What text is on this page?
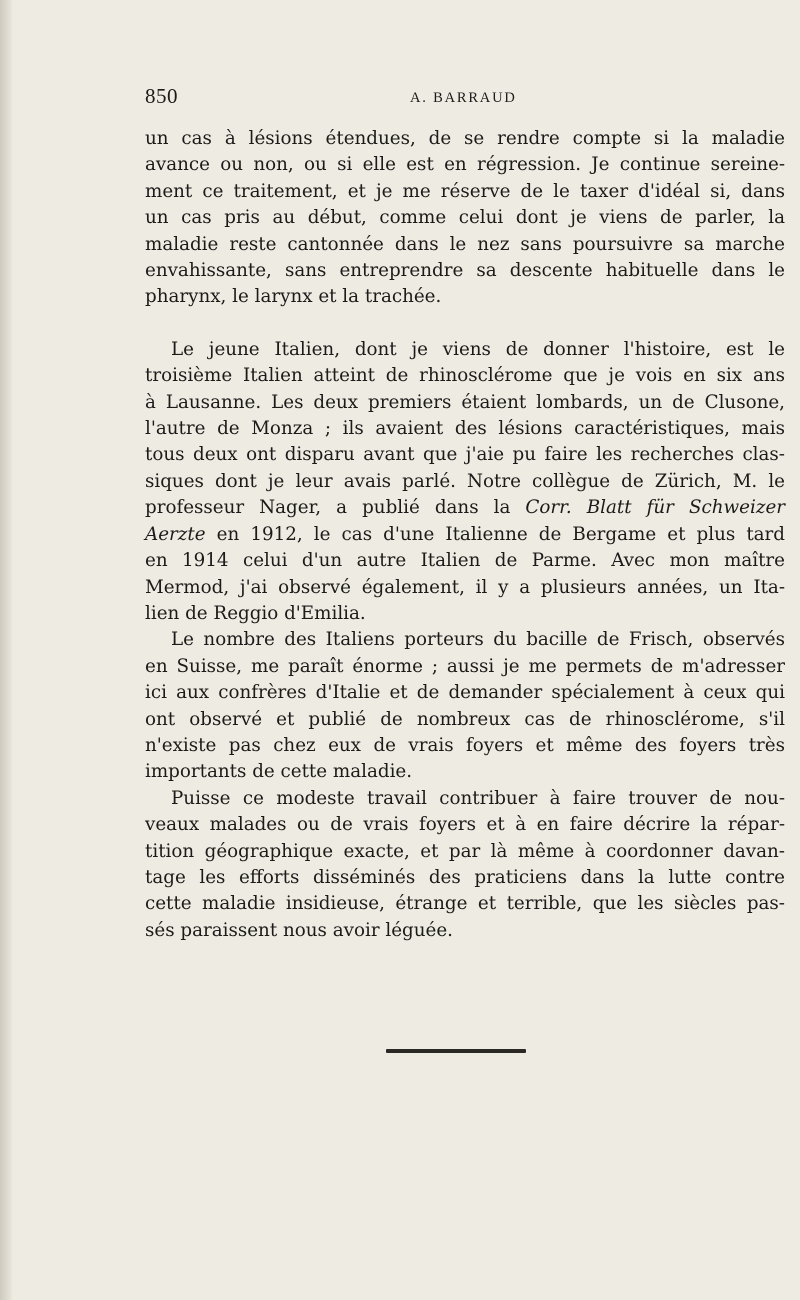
850	A. BARRAUD
un cas à lésions étendues, de se rendre compte si la maladie
avance ou non, ou si elle est en régression. Je continue sereine-
ment ce traitement, et je me réserve de le taxer d'idéal si, dans
un cas pris au début, comme celui dont je viens de parler, la
maladie reste cantonnée dans le nez sans poursuivre sa marche
envahissante, sans entreprendre sa descente habituelle dans le
pharynx, le larynx et la trachée.
Le jeune Italien, dont je viens de donner l'histoire, est le
troisième Italien atteint de rhinosclérome que je vois en six ans
à Lausanne. Les deux premiers étaient lombards, un de Clusone,
l'autre de Monza ; ils avaient des lésions caractéristiques, mais
tous deux ont disparu avant que j'aie pu faire les recherches clas-
siques dont je leur avais parlé. Notre collègue de Zürich, M. le
professeur Nager, a publié dans la Corr. Blatt für Schweizer
Aerzte en 1912, le cas d'une Italienne de Bergame et plus tard
en 1914 celui d'un autre Italien de Parme. Avec mon maître
Mermod, j'ai observé également, il y a plusieurs années, un Ita-
lien de Reggio d'Emilia.
Le nombre des Italiens porteurs du bacille de Frisch, observés
en Suisse, me paraît énorme ; aussi je me permets de m'adresser
ici aux confrères d'Italie et de demander spécialement à ceux qui
ont observé et publié de nombreux cas de rhinosclérome, s'il
n'existe pas chez eux de vrais foyers et même des foyers très
importants de cette maladie.
Puisse ce modeste travail contribuer à faire trouver de nou-
veaux malades ou de vrais foyers et à en faire décrire la répar-
tition géographique exacte, et par là même à coordonner davan-
tage les efforts disséminés des praticiens dans la lutte contre
cette maladie insidieuse, étrange et terrible, que les siècles pas-
sés paraissent nous avoir léguée.
